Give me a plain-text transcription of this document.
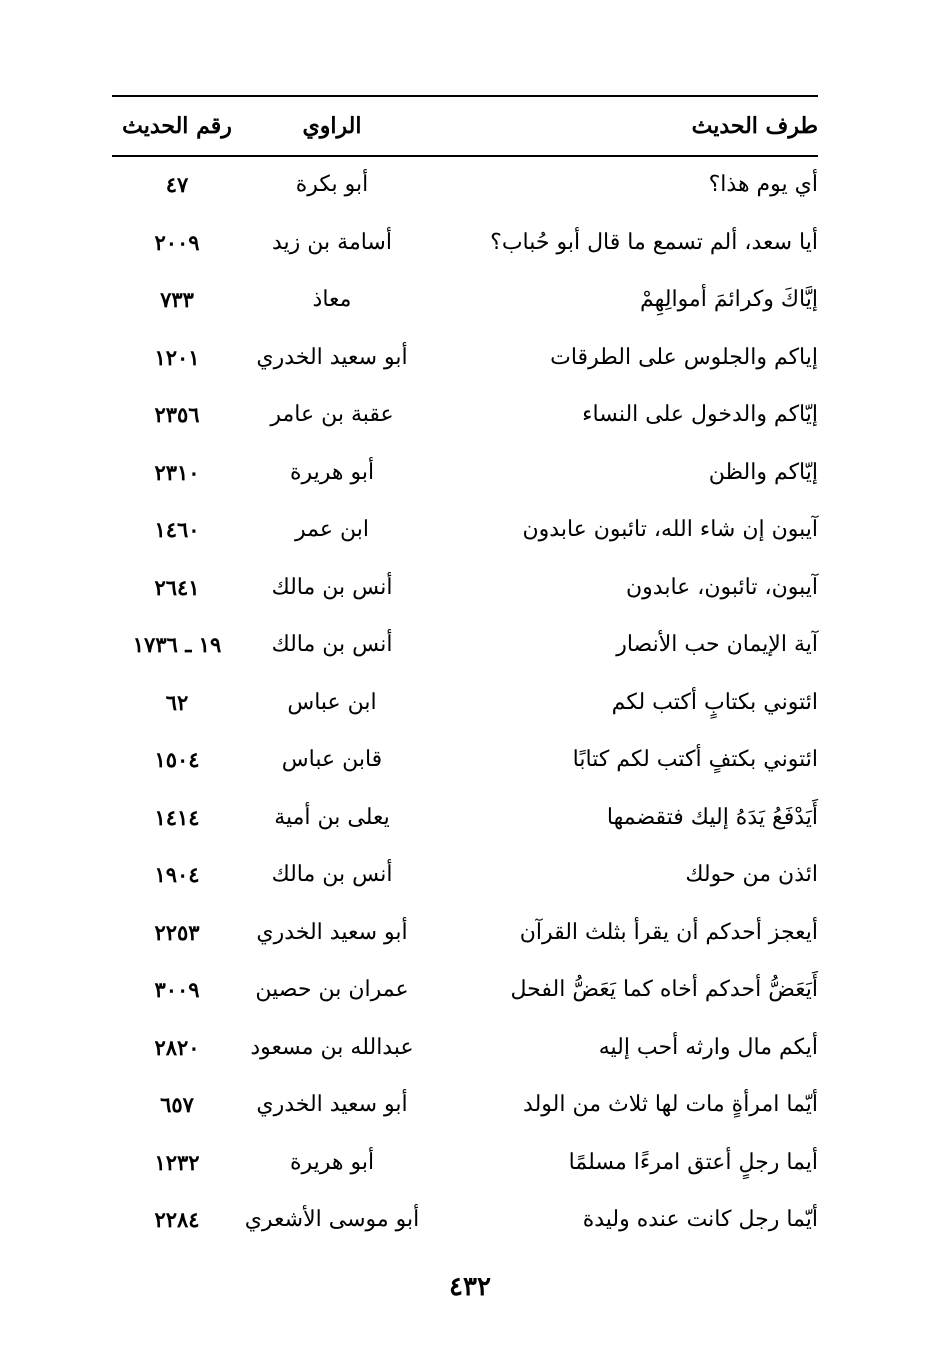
طرف الحديث
الراوي
رقم الحديث
أي يوم هذا؟
أبو بكرة
٤٧
أيا سعد، ألم تسمع ما قال أبو حُباب؟
أسامة بن زيد
٢٠٠٩
إيَّاكَ وكرائمَ أموالِهِمْ
معاذ
٧٣٣
إياكم والجلوس على الطرقات
أبو سعيد الخدري
١٢٠١
إيّاكم والدخول على النساء
عقبة بن عامر
٢٣٥٦
إيّاكم والظن
أبو هريرة
٢٣١٠
آيبون إن شاء الله، تائبون عابدون
ابن عمر
١٤٦٠
آيبون، تائبون، عابدون
أنس بن مالك
٢٦٤١
آية الإيمان حب الأنصار
أنس بن مالك
١٩ ـ ١٧٣٦
ائتوني بكتابٍ أكتب لكم
ابن عباس
٦٢
ائتوني بكتفٍ أكتب لكم كتابًا
قابن عباس
١٥٠٤
أَيَدْفَعُ يَدَهُ إليك فتقضمها
يعلى بن أمية
١٤١٤
ائذن من حولك
أنس بن مالك
١٩٠٤
أيعجز أحدكم أن يقرأ بثلث القرآن
أبو سعيد الخدري
٢٢٥٣
أَيَعَضُّ أحدكم أخاه كما يَعَضُّ الفحل
عمران بن حصين
٣٠٠٩
أيكم مال وارثه أحب إليه
عبدالله بن مسعود
٢٨٢٠
أيّما امرأةٍ مات لها ثلاث من الولد
أبو سعيد الخدري
٦٥٧
أيما رجلٍ أعتق امرءًا مسلمًا
أبو هريرة
١٢٣٢
أيّما رجل كانت عنده وليدة
أبو موسى الأشعري
٢٢٨٤
٤٣٢
